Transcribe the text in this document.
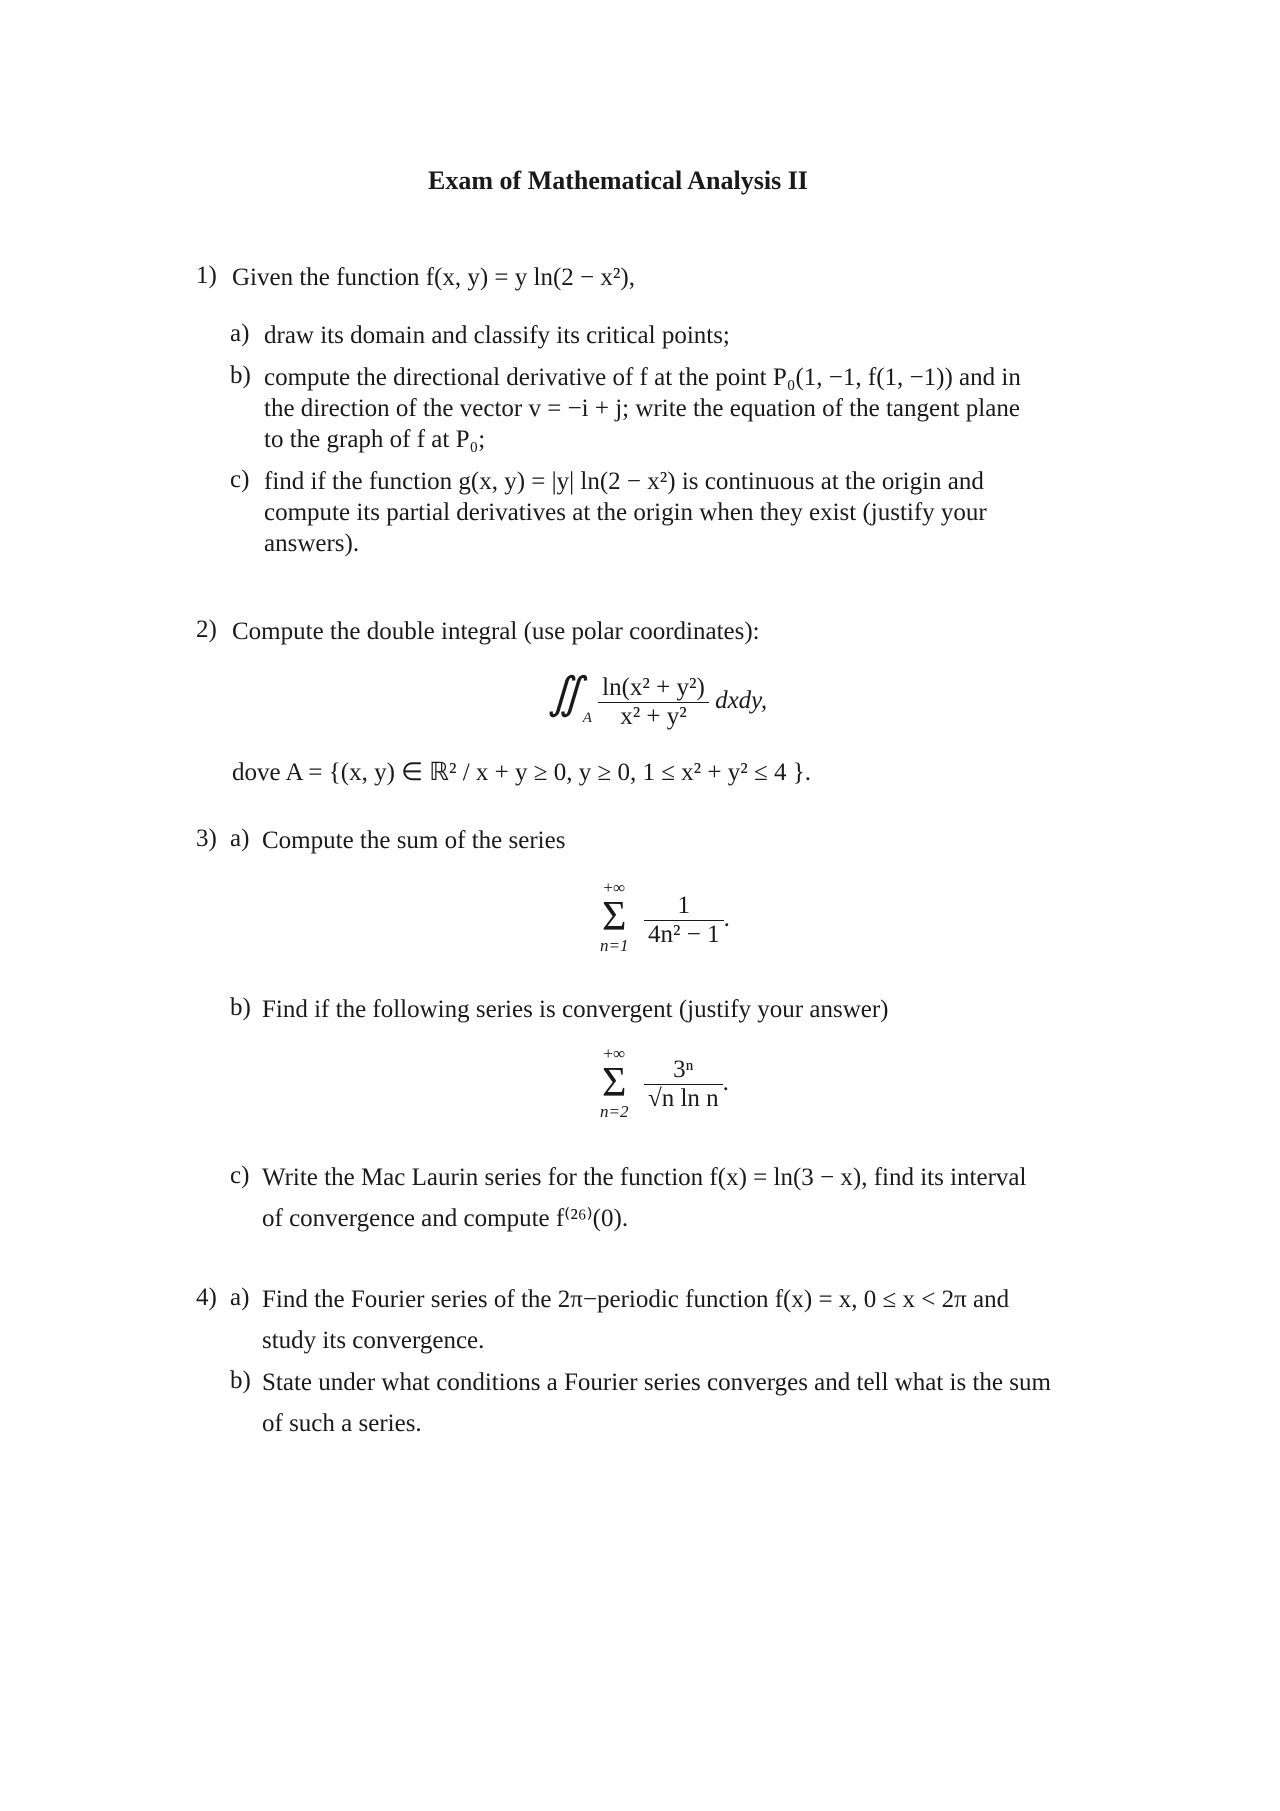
Exam of Mathematical Analysis II
1) Given the function f(x, y) = y ln(2 − x²),
a) draw its domain and classify its critical points;
b) compute the directional derivative of f at the point P₀(1, −1, f(1, −1)) and in
the direction of the vector v = −i + j; write the equation of the tangent plane
to the graph of f at P₀;
c) find if the function g(x, y) = |y| ln(2 − x²) is continuous at the origin and
compute its partial derivatives at the origin when they exist (justify your
answers).
2) Compute the double integral (use polar coordinates):
$∬_A \frac{\text{ln(x² + y²)}}{\text{x² + y²}}$ dxdy,
dove A = {(x, y) ∈ ℝ² / x + y ≥ 0, y ≥ 0, 1 ≤ x² + y² ≤ 4 }.
3) a) Compute the sum of the series
+∞
Σ
$n=1 \frac{1}{\text{4n² − 1}}$ .
b) Find if the following series is convergent (justify your answer)
+∞
Σ
$n=2 \frac{\text{3ⁿ}}{\text{√n ln n}}$ .
c) Write the Mac Laurin series for the function f(x) = ln(3 − x), find its interval
of convergence and compute f⁽²⁶⁾(0).
4) a) Find the Fourier series of the 2π−periodic function f(x) = x, 0 ≤ x < 2π and
study its convergence.
b) State under what conditions a Fourier series converges and tell what is the sum
of such a series.
